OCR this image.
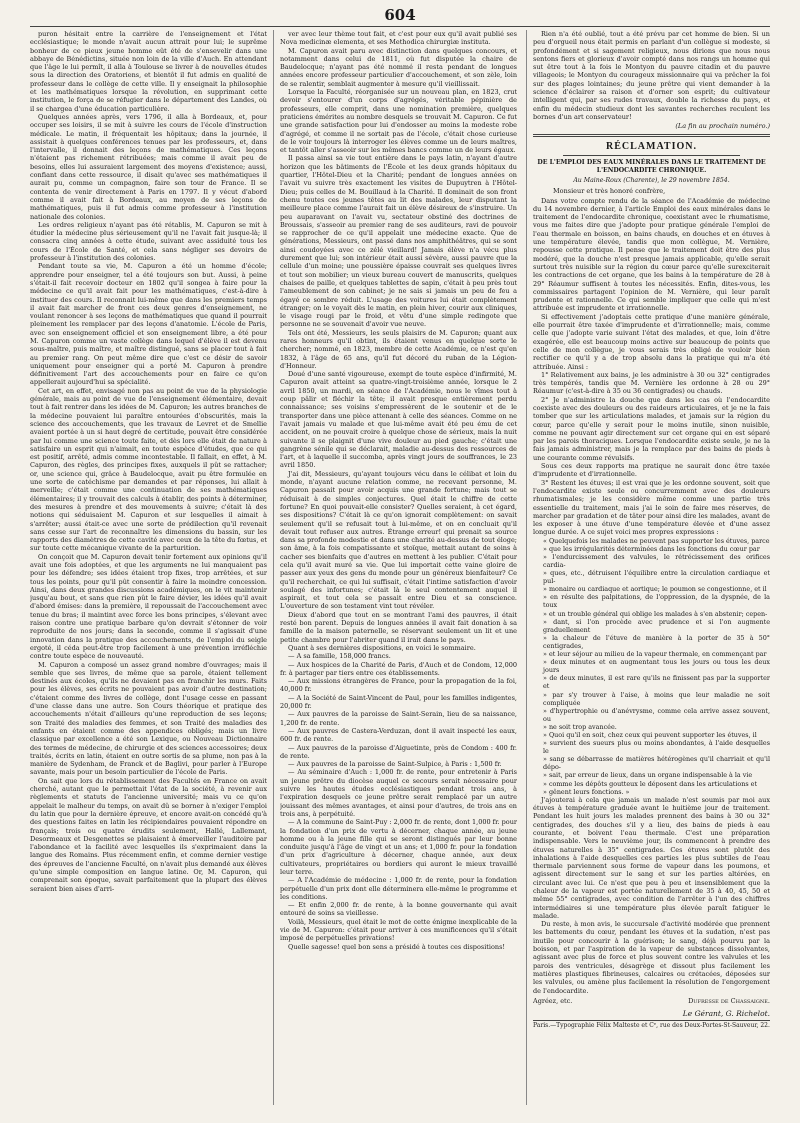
604

puron hésitait entre la carrière de l'enseignement et l'état ecclésiastique; le monde n'avait aucun attrait pour lui; le suprême bonheur de ce pieux jeune homme eût été de s'ensevelir dans une abbaye de Bénédictins, située non loin de la ville d'Auch. En attendant que l'âge le lui permît, il alla à Toulouse se livrer à de nouvelles études sous la direction des Oratoriens, et bientôt il fut admis en qualité de professeur dans le collège de cette ville. Il y enseignait la philosophie et les mathématiques lorsque la révolution, en supprimant cette institution, le força de se réfugier dans le département des Landes, où il se chargea d'une éducation particulière.

Quelques années après, vers 1796, il alla à Bordeaux, et, pour occuper ses loisirs, il se mit à suivre les cours de l'école d'instruction médicale. Le matin, il fréquentait les hôpitaux; dans la journée, il assistait à quelques conférences tenues par les professeurs, et, dans l'intervalle, il donnait des leçons de mathématiques. Ces leçons n'étaient pas richement rétribuées; mais comme il avait peu de besoins, elles lui assuraient largement des moyens d'existence; aussi, confiant dans cette ressource, il disait qu'avec ses mathématiques il aurait pu, comme un compagnon, faire son tour de France. Il se contenta de venir directement à Paris en 1797. Il y vécut d'abord comme il avait fait à Bordeaux, au moyen de ses leçons de mathématiques, puis il fut admis comme professeur à l'institution nationale des colonies.

Les ordres religieux n'ayant pas été rétablis, M. Capuron se mit à étudier la médecine plus sérieusement qu'il ne l'avait fait jusque-là; il consacra cinq années à cette étude, suivant avec assiduité tous les cours de l'École de Santé, et cela sans négliger ses devoirs de professeur à l'institution des colonies.

Pendant toute sa vie, M. Capuron a été un homme d'école; apprendre pour enseigner, tel a été toujours son but. Aussi, à peine s'était-il fait recevoir docteur en 1802 qu'il songea à faire pour la médecine ce qu'il avait fait pour les mathématiques, c'est-à-dire à instituer des cours. Il reconnait lui-même que dans les premiers temps il avait fait marcher de front ces deux genres d'enseignement, ne voulant renoncer à ses leçons de mathématiques que quand il pourrait pleinement les remplacer par des leçons d'anatomie. L'école de Paris, avec son enseignement officiel et son enseignement libre, a été pour M. Capuron comme un vaste collège dans lequel d'élève il est devenu sous-maître, puis maître, et maître distingué, sans se placer tout à fait au premier rang. On peut même dire que c'est ce désir de savoir uniquement pour enseigner qui a porté M. Capuron à prendre définitivement l'art des accouchements pour en faire ce qu'on appellerait aujourd'hui sa spécialité.

Cet art, en effet, envisagé non pas au point de vue de la physiologie générale, mais au point de vue de l'enseignement élémentaire, devait tout à fait rentrer dans les idées de M. Capuron; les autres branches de la médecine pouvaient lui paraître entourées d'obscurités, mais la science des accouchements, que les travaux de Levret et de Smellie avaient portée à un si haut degré de certitude, pouvait être considérée par lui comme une science toute faite, et dès lors elle était de nature à satisfaire un esprit qui n'aimait, en toute espèce d'études, que ce qui est positif, arrêté, admis comme incontestable. Il fallait, en effet, à M. Capuron, des règles, des principes fixes, auxquels il pût se rattacher; or, une science qui, grâce à Baudelocque, avait pu être formulée en une sorte de catéchisme par demandes et par réponses, lui allait à merveille; c'était comme une continuation de ses mathématiques élémentaires; il y trouvait des calculs à établir, des points à déterminer, des mesures à prendre et des mouvements à suivre; c'était là des notions qui séduisaient M. Capuron et sur lesquelles il aimait à s'arrêter; aussi était-ce avec une sorte de prédilection qu'il revenait sans cesse sur l'art de reconnaître les dimensions du bassin, sur les rapports des diamètres de cette cavité avec ceux de la tête du fœtus, et sur toute cette mécanique vivante de la parturition.

On conçoit que M. Capuron devait tenir fortement aux opinions qu'il avait une fois adoptées, et que les arguments ne lui manquaient pas pour les défendre; ses idées étaient trop fixes, trop arrêtées, et sur tous les points, pour qu'il pût consentir à faire la moindre concession. Ainsi, dans deux grandes discussions académiques, on le vit maintenir jusqu'au bout, et sans que rien pût le faire dévier, les idées qu'il avait d'abord émises: dans la première, il repoussait de l'accouchement avec tenue du bras; il maintint avec force les bons principes, s'élevant avec raison contre une pratique barbare qu'on devrait s'étonner de voir reproduite de nos jours; dans la seconde, comme il s'agissait d'une innovation dans la pratique des accouchements, de l'emploi du seigle ergoté, il céda peut-être trop facilement à une prévention irréfléchie contre toute espèce de nouveauté.

M. Capuron a composé un assez grand nombre d'ouvrages; mais il semble que ses livres, de même que sa parole, étaient tellement destinés aux écoles, qu'ils ne devaient pas en franchir les murs. Faits pour les élèves, ses écrits ne pouvaient pas avoir d'autre destination; c'étaient comme des livres de collège, dont l'usage cesse en passant d'une classe dans une autre. Son Cours théorique et pratique des accouchements n'était d'ailleurs qu'une reproduction de ses leçons; son Traité des maladies des femmes, et son Traité des maladies des enfants en étaient comme des appendices obligés; mais un livre classique par excellence a été son Lexique, ou Nouveau Dictionnaire des termes de médecine, de chirurgie et des sciences accessoires; deux traités, écrits en latin, étaient en outre sortis de sa plume, non pas à la manière de Sydenham, de Franck et de Baglivi, pour parler à l'Europe savante, mais pour un besoin particulier de l'école de Paris.

On sait que lors du rétablissement des Facultés en France on avait cherché, autant que le permettait l'état de la société, à revenir aux règlements et statuts de l'ancienne université; mais vu ce qu'on appelait le malheur du temps, on avait dû se borner à n'exiger l'emploi du latin que pour la dernière épreuve, et encore avait-on concédé qu'à des questions faites en latin les récipiendaires pouvaient répondre en français; trois ou quatre érudits seulement, Hallé, Lallemant, Desormeaux et Desgenettes se plaisaient à émerveiller l'auditoire par l'abondance et la facilité avec lesquelles ils s'exprimaient dans la langue des Romains. Plus récemment enfin, et comme dernier vestige des épreuves de l'ancienne Faculté, on n'avait plus demandé aux élèves qu'une simple composition en langue latine. Or, M. Capuron, qui comprenait son époque, savait parfaitement que la plupart des élèves seraient bien aises d'arri-

ver avec leur thème tout fait, et c'est pour eux qu'il avait publié ses Nova medicinæ elementa, et ses Methodica chirurgiæ instituta.

M. Capuron avait paru avec distinction dans quelques concours, et notamment dans celui de 1811, où fut disputée la chaire de Baudelocque; n'ayant pas été nommé il resta pendant de longues années encore professeur particulier d'accouchement, et son zèle, loin de se ralentir, semblait augmenter à mesure qu'il vieillissait.

Lorsque la Faculté, réorganisée sur un nouveau plan, en 1823, crut devoir s'entourer d'un corps d'agrégés, véritable pépinière de professeurs, elle comprit, dans une nomination première, quelques praticiens émérites au nombre desquels se trouvait M. Capuron. Ce fut une grande satisfaction pour lui d'endosser au moins la modeste robe d'agrégé, et comme il ne sortait pas de l'école, c'était chose curieuse de le voir toujours là interroger les élèves comme un de leurs maîtres, et tantôt aller s'asseoir sur les mêmes bancs comme un de leurs égaux.

Il passa ainsi sa vie tout entière dans le pays latin, n'ayant d'autre horizon que les bâtiments de l'École et les deux grands hôpitaux du quartier, l'Hôtel-Dieu et la Charité; pendant de longues années on l'avait vu suivre très exactement les visites de Dupuytren à l'Hôtel-Dieu; puis celles de M. Bouillaud à la Charité. Il dominait de son front chenu toutes ces jeunes têtes au lit des malades, leur disputant la meilleure place comme l'aurait fait un élève désireux de s'instruire. Un peu auparavant on l'avait vu, sectateur obstiné des doctrines de Broussais, s'asseoir au premier rang de ses auditeurs, ravi de pouvoir se rapprocher de ce qu'il appelait une médecine exacte. Que de générations, Messieurs, ont passé dans nos amphithéâtres, qui se sont ainsi coudoyées avec ce zélé vieillard! Jamais élève n'a vécu plus durement que lui; son intérieur était aussi sévère, aussi pauvre que la cellule d'un moine; une poussière épaisse couvrait ses quelques livres et tout son mobilier; un vieux bureau couvert de manuscrits, quelques chaises de paille, et quelques tablettes de sapin, c'était à peu près tout l'ameublement de son cabinet; je ne sais si jamais un peu de feu a égayé ce sombre réduit. L'usage des voitures lui était complètement étranger; on le voyait dès le matin, en plein hiver, courir aux cliniques, le visage rougi par le froid, et vêtu d'une simple redingote que personne ne se souvenait d'avoir vue neuve.

Tels ont été, Messieurs, les seuls plaisirs de M. Capuron; quant aux rares honneurs qu'il obtint, ils étaient venus en quelque sorte le chercher; nommé, en 1823, membre de cette Académie, ce n'est qu'en 1832, à l'âge de 65 ans, qu'il fut décoré du ruban de la Légion-d'Honneur.

Doué d'une santé vigoureuse, exempt de toute espèce d'infirmité, M. Capuron avait atteint sa quatre-vingt-troisième année, lorsque le 2 avril 1850, un mardi, en séance de l'Académie, nous le vîmes tout à coup pâlir et fléchir la tête; il avait presque entièrement perdu connaissance; ses voisins s'empressèrent de le soutenir et de le transporter dans une pièce attenant à celle des séances. Comme on ne l'avait jamais vu malade et que lui-même avait été peu ému de cet accident, on ne pouvait croire à quelque chose de sérieux, mais la nuit suivante il se plaignit d'une vive douleur au pied gauche; c'était une gangrène sénile qui se déclarait, maladie au-dessus des ressources de l'art, et à laquelle il succomba, après vingt jours de souffrances, le 23 avril 1850.

J'ai dit, Messieurs, qu'ayant toujours vécu dans le célibat et loin du monde, n'ayant aucune relation comme, ne recevant personne, M. Capuron passait pour avoir acquis une grande fortune; mais tout se réduisait à de simples conjectures. Quel était le chiffre de cette fortune? En quoi pouvait-elle consister? Quelles seraient, à cet égard, ses dispositions? C'était là ce qu'on ignorait complètement: on savait seulement qu'il se refusait tout à lui-même, et on en concluait qu'il devait tout refuser aux autres. Étrange erreur! qui prenait sa source dans sa profonde modestie et dans une charité au-dessus de tout éloge; son âme, à la fois compatissante et stoïque, mettait autant de soins à cacher ses bienfaits que d'autres en mettent à les publier. C'était pour cela qu'il avait muré sa vie. Que lui importait cette vaine gloire de passer aux yeux des gens du monde pour un généreux bienfaiteur? Ce qu'il recherchait, ce qui lui suffisait, c'était l'intime satisfaction d'avoir soulagé des infortunes; c'était là le seul contentement auquel il aspirait, et tout cela se passait entre Dieu et sa conscience. L'ouverture de son testament vint tout révéler.

Dieux d'abord que tout en se montrant l'ami des pauvres, il était resté bon parent. Depuis de longues années il avait fait donation à sa famille de la maison paternelle, se réservant seulement un lit et une petite chambre pour l'abriter quand il irait dans le pays.

Quant à ses dernières dispositions, en voici le sommaire.

— A sa famille, 158,000 francs.

— Aux hospices de la Charité de Paris, d'Auch et de Condom, 12,000 fr. à partager par tiers entre ces établissements.

— Aux missions étrangères de France, pour la propagation de la foi, 40,000 fr.

— A la Société de Saint-Vincent de Paul, pour les familles indigentes, 20,000 fr.

— Aux pauvres de la paroisse de Saint-Serain, lieu de sa naissance, 1,200 fr. de rente.

— Aux pauvres de Castera-Verduzan, dont il avait inspecté les eaux, 600 fr. de rente.

— Aux pauvres de la paroisse d'Aiguetinte, près de Condom : 400 fr. de rente.

— Aux pauvres de la paroisse de Saint-Sulpice, à Paris : 1,500 fr.

— Au séminaire d'Auch : 1,000 fr. de rente, pour entretenir à Paris un jeune prêtre du diocèse auquel ce secours serait nécessaire pour suivre les hautes études ecclésiastiques pendant trois ans, à l'expiration desquels ce jeune prêtre serait remplacé par un autre jouissant des mêmes avantages, et ainsi pour d'autres, de trois ans en trois ans, à perpétuité.

— A la commune de Saint-Puy : 2,000 fr. de rente, dont 1,000 fr. pour la fondation d'un prix de vertu à décerner, chaque année, au jeune homme ou à la jeune fille qui se seront distingués par leur bonne conduite jusqu'à l'âge de vingt et un ans; et 1,000 fr. pour la fondation d'un prix d'agriculture à décerner, chaque année, aux deux cultivateurs, propriétaires ou bordiers qui auront le mieux travaillé leur terre.

— A l'Académie de médecine : 1,000 fr. de rente, pour la fondation perpétuelle d'un prix dont elle déterminera elle-même le programme et les conditions.

— Et enfin 2,000 fr. de rente, à la bonne gouvernante qui avait entouré de soins sa vieillesse.

Voilà, Messieurs, quel était le mot de cette énigme inexplicable de la vie de M. Capuron: c'était pour arriver à ces munificences qu'il s'était imposé de perpétuelles privations!

Quelle sagesse! quel bon sens a présidé à toutes ces dispositions!

Rien n'a été oublié, tout a été prévu par cet homme de bien. Si un peu d'orgueil nous était permis en parlant d'un collègue si modeste, si profondément et si sagement religieux, nous dirions que nous nous sentons fiers et glorieux d'avoir compté dans nos rangs un homme qui sut être tout à la fois le Montyon du pauvre citadin et du pauvre villageois; le Montyon du courageux missionnaire qui va prêcher la foi sur des plages lointaines; du jeune prêtre qui vient demander à la science d'éclairer sa raison et d'orner son esprit; du cultivateur intelligent qui, par ses rudes travaux, double la richesse du pays, et enfin du médecin studieux dont les savantes recherches reculent les bornes d'un art conservateur!

(La fin au prochain numéro.)
RÉCLAMATION.
DE L'EMPLOI DES EAUX MINÉRALES DANS LE TRAITEMENT DE L'ENDOCARDITE CHRONIQUE.
Au Maine-Roux (Charente), le 29 novembre 1854.

Monsieur et très honoré confrère,

Dans votre compte rendu de la séance de l'Académie de médecine du 14 novembre dernier, à l'article Emploi des eaux minérales dans le traitement de l'endocardite chronique, coexistant avec le rhumatisme, vous me faites dire que j'adopte pour pratique générale l'emploi de l'eau thermale en boisson, en bains chauds, en douches et en étuves à une température élevée, tandis que mon collègue, M. Vernière, repousse cette pratique. Il pense que le traitement doit être des plus modéré, que la douche n'est presque jamais applicable, qu'elle serait surtout très nuisible sur la région du cœur parce qu'elle surexciterait les contractions de cet organe, que les bains à la température de 28 à 29° Réaumur suffisent à toutes les nécessités. Enfin, dites-vous, les commissaires partagent l'opinion de M. Vernière, qui leur paraît prudente et rationnelle. Ce qui semble impliquer que celle qui m'est attribuée est imprudente et irrationnelle.

Si effectivement j'adoptais cette pratique d'une manière générale, elle pourrait être taxée d'imprudente et d'irrationnelle; mais, comme celle que j'adopte varie suivant l'état des malades, et que, loin d'être exagérée, elle est beaucoup moins active sur beaucoup de points que celle de mon collègue, je vous serais très obligé de vouloir bien rectifier ce qu'il y a de trop absolu dans la pratique qui m'a été attribuée. Ainsi :

1° Relativement aux bains, je les administre à 30 ou 32° centigrades très tempérés, tandis que M. Vernière les ordonne à 28 ou 29° Réaumur (c'est-à-dire à 35 ou 36 centigrades) ou chauds.

2° Je n'administre la douche que dans les cas où l'endocardite coexiste avec des douleurs ou des raideurs articulaires, et je ne la fais tomber que sur les articulations malades, et jamais sur la région du cœur, parce qu'elle y serait pour le moins inutile, sinon nuisible, comme ne pouvant agir directement sur cet organe qui en est séparé par les parois thoraciques. Lorsque l'endocardite existe seule, je ne la fais jamais administrer, mais je la remplace par des bains de pieds à une courante comme révulsifs.

Sous ces deux rapports ma pratique ne saurait donc être taxée d'imprudente et d'irrationnelle.

3° Restent les étuves; il est vrai que je les ordonne souvent, soit que l'endocardite existe seule ou concurremment avec des douleurs rhumatismales; je les considère même comme une partie très essentielle du traitement, mais j'ai le soin de faire mes réserves, de marcher par gradation et de tâter pour ainsi dire les malades, avant de les exposer à une étuve d'une température élevée et d'une assez longue durée. A ce sujet voici mes propres expressions :

« Quelquefois les malades ne peuvent pas supporter les étuves, parce

» que les irrégularités déterminées dans les fonctions du cœur par

» l'endurcissement des valvules, le rétrécissement des orifices cardia-

» ques, etc., détruisent l'équilibre entre la circulation cardiaque et pul-

» monaire ou cardiaque et aortique; le poumon se congestionne, et il

» en résulte des palpitations, de l'oppression, de la dyspnée, de la toux

» et un trouble général qui oblige les malades à s'en abstenir; cepen-

» dant, si l'on procède avec prudence et si l'on augmente graduellement

» la chaleur de l'étuve de manière à la porter de 35 à 50° centigrades,

» et leur séjour au milieu de la vapeur thermale, en commençant par

» deux minutes et en augmentant tous les jours ou tous les deux jours

» de deux minutes, il est rare qu'ils ne finissent pas par la supporter et

» par s'y trouver à l'aise, à moins que leur maladie ne soit compliquée

» d'hypertrophie ou d'anévrysme, comme cela arrive assez souvent, ou

» ne soit trop avancée.

» Quoi qu'il en soit, chez ceux qui peuvent supporter les étuves, il

» survient des sueurs plus ou moins abondantes, à l'aide desquelles le

» sang se débarrasse de matières hétérogènes qu'il charriait et qu'il dépo-

» sait, par erreur de lieux, dans un organe indispensable à la vie

» comme les dépôts goutteux le déposent dans les articulations et

» gênent leurs fonctions. »

J'ajouterai à cela que jamais un malade n'est soumis par moi aux étuves à température graduée avant le huitième jour de traitement. Pendant les huit jours les malades prennent des bains à 30 ou 32° centigrades, des douches s'il y a lieu, des bains de pieds à eau courante, et boivent l'eau thermale. C'est une préparation indispensable. Vers le neuvième jour, ils commencent à prendre des étuves naturelles à 35° centigrades. Ces étuves sont plutôt des inhalations à l'aide desquelles ces parties les plus subtiles de l'eau thermale parviennent sous forme de vapeur dans les poumons, et agissent directement sur le sang et sur les parties altérées, en circulant avec lui. Ce n'est que peu à peu et insensiblement que la chaleur de la vapeur est portée naturellement de 35 à 40, 45, 50 et même 55° centigrades, avec condition de l'arrêter à l'un des chiffres intermédiaires si une température plus élevée paraît fatiguer le malade.

Du reste, à mon avis, le succursale d'activité modérée que prennent les battements du cœur, pendant les étuves et la sudation, n'est pas inutile pour concourir à la guérison; le sang, déjà pourvu par la boisson, et par l'aspiration de la vapeur de substances dissolvantes, agissant avec plus de force et plus souvent contre les valvules et les parois des ventricules, désagrège et dissout plus facilement les matières plastiques fibrineuses, calcaires ou crétacées, déposées sur les valvules, ou amène plus facilement la résolution de l'engorgement de l'endocardite.

Agréez, etc.	Dufresse de Chassaigne.
Le Gérant, G. Richelot.

Paris.—Typographie Félix Malteste et Cᵉ, rue des Deux-Portes-St-Sauveur, 22.
